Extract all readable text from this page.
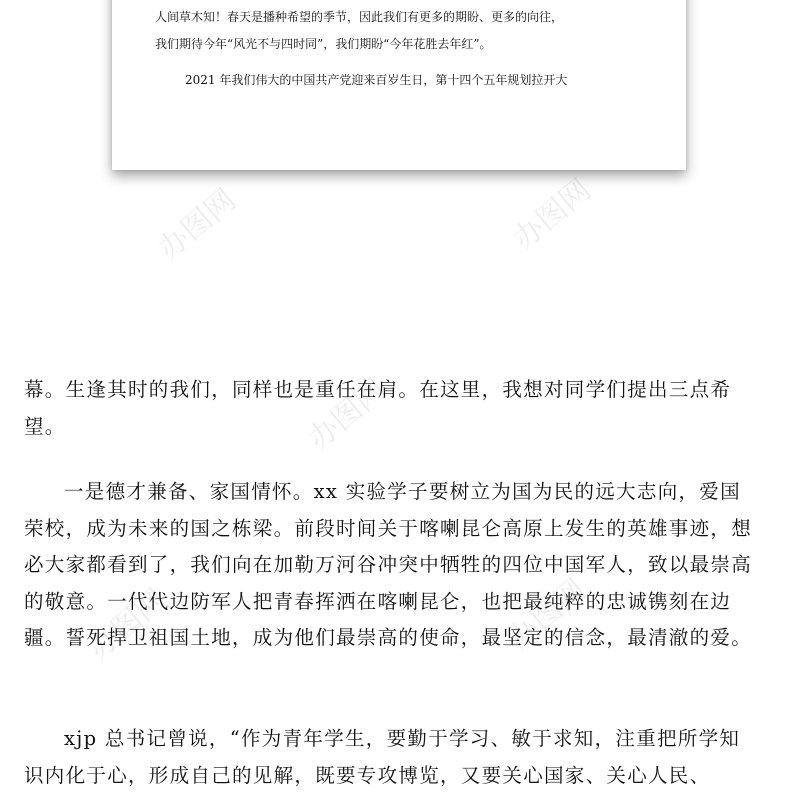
人间草木知！春天是播种希望的季节，因此我们有更多的期盼、更多的向往，
我们期待今年“风光不与四时同”，我们期盼“今年花胜去年红”。
2021 年我们伟大的中国共产党迎来百岁生日，第十四个五年规划拉开大
办图网	办图网
办图网
办图网	办图网

幕。生逢其时的我们，同样也是重任在肩。在这里，我想对同学们提出三点希望。

一是德才兼备、家国情怀。xx 实验学子要树立为国为民的远大志向，爱国荣校，成为未来的国之栋梁。前段时间关于喀喇昆仑高原上发生的英雄事迹，想必大家都看到了，我们向在加勒万河谷冲突中牺牲的四位中国军人，致以最崇高的敬意。一代代边防军人把青春挥洒在喀喇昆仑，也把最纯粹的忠诚镌刻在边疆。誓死捍卫祖国土地，成为他们最崇高的使命，最坚定的信念，最清澈的爱。

xjp 总书记曾说，“作为青年学生，要勤于学习、敏于求知，注重把所学知识内化于心，形成自己的见解，既要专攻博览，又要关心国家、关心人民、
